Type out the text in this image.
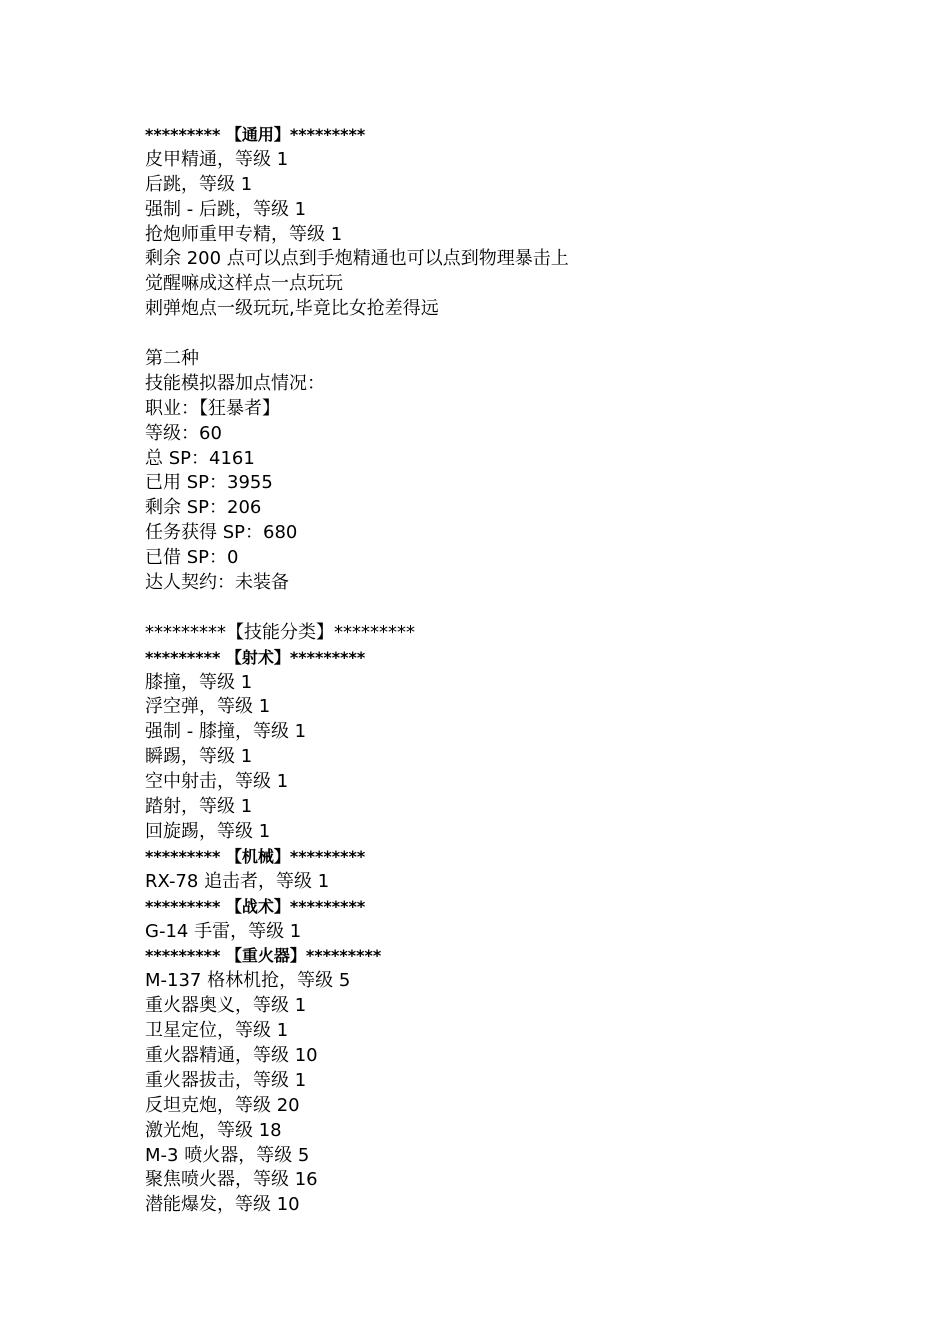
********* 【通用】*********
皮甲精通，等级 1
后跳，等级 1
强制 - 后跳，等级 1
抢炮师重甲专精，等级 1
剩余 200 点可以点到手炮精通也可以点到物理暴击上
觉醒嘛成这样点一点玩玩
刺弹炮点一级玩玩,毕竟比女抢差得远
第二种
技能模拟器加点情况：
职业：【狂暴者】
等级：60
总 SP：4161
已用 SP：3955
剩余 SP：206
任务获得 SP：680
已借 SP：0
达人契约：未装备
*********【技能分类】*********
********* 【射术】*********
膝撞，等级 1
浮空弹，等级 1
强制 - 膝撞，等级 1
瞬踢，等级 1
空中射击，等级 1
踏射，等级 1
回旋踢，等级 1
********* 【机械】*********
RX-78 追击者，等级 1
********* 【战术】*********
G-14 手雷，等级 1
********* 【重火器】*********
M-137 格林机抢，等级 5
重火器奥义，等级 1
卫星定位，等级 1
重火器精通，等级 10
重火器拔击，等级 1
反坦克炮，等级 20
激光炮，等级 18
M-3 喷火器，等级 5
聚焦喷火器，等级 16
潜能爆发，等级 10
